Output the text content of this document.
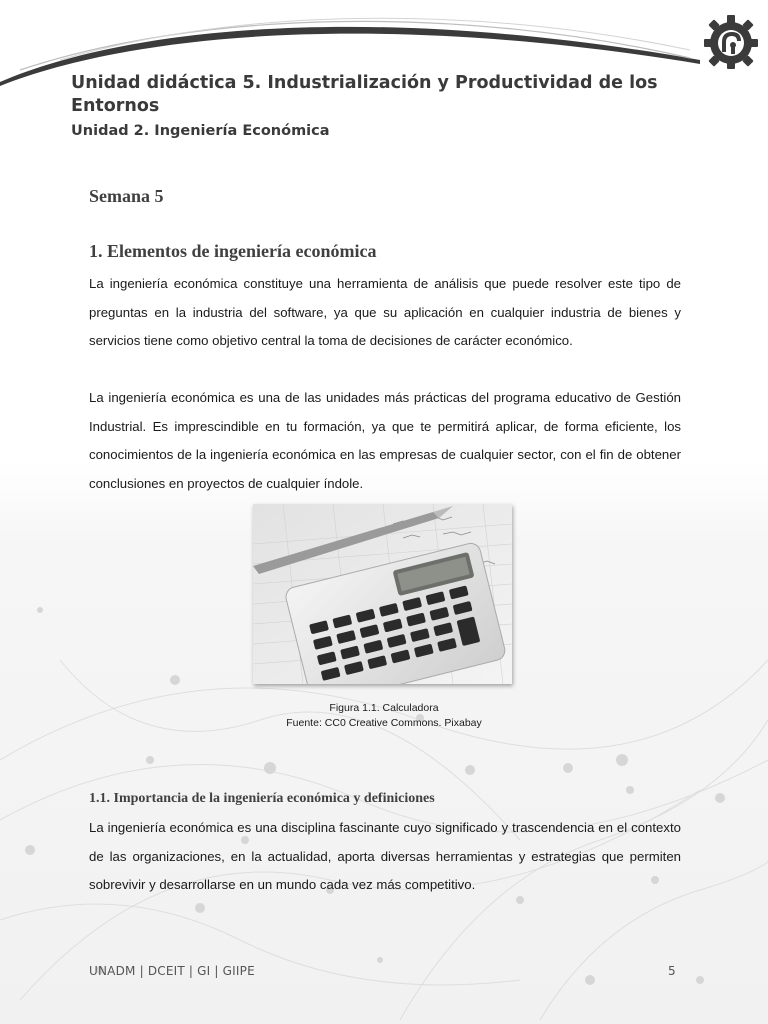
Unidad didáctica 5. Industrialización y Productividad de los Entornos
Unidad 2. Ingeniería Económica
Semana 5
1. Elementos de ingeniería económica

La ingeniería económica constituye una herramienta de análisis que puede resolver este tipo de preguntas en la industria del software, ya que su aplicación en cualquier industria de bienes y servicios tiene como objetivo central la toma de decisiones de carácter económico.

La ingeniería económica es una de las unidades más prácticas del programa educativo de Gestión Industrial. Es imprescindible en tu formación, ya que te permitirá aplicar, de forma eficiente, los conocimientos de la ingeniería económica en las empresas de cualquier sector, con el fin de obtener conclusiones en proyectos de cualquier índole.

Figura 1.1. Calculadora
Fuente: CC0 Creative Commons. Pixabay
1.1. Importancia de la ingeniería económica y definiciones

La ingeniería económica es una disciplina fascinante cuyo significado y trascendencia en el contexto de las organizaciones, en la actualidad, aporta diversas herramientas y estrategias que permiten sobrevivir y desarrollarse en un mundo cada vez más competitivo.

UNADM | DCEIT | GI | GIIPE	5
